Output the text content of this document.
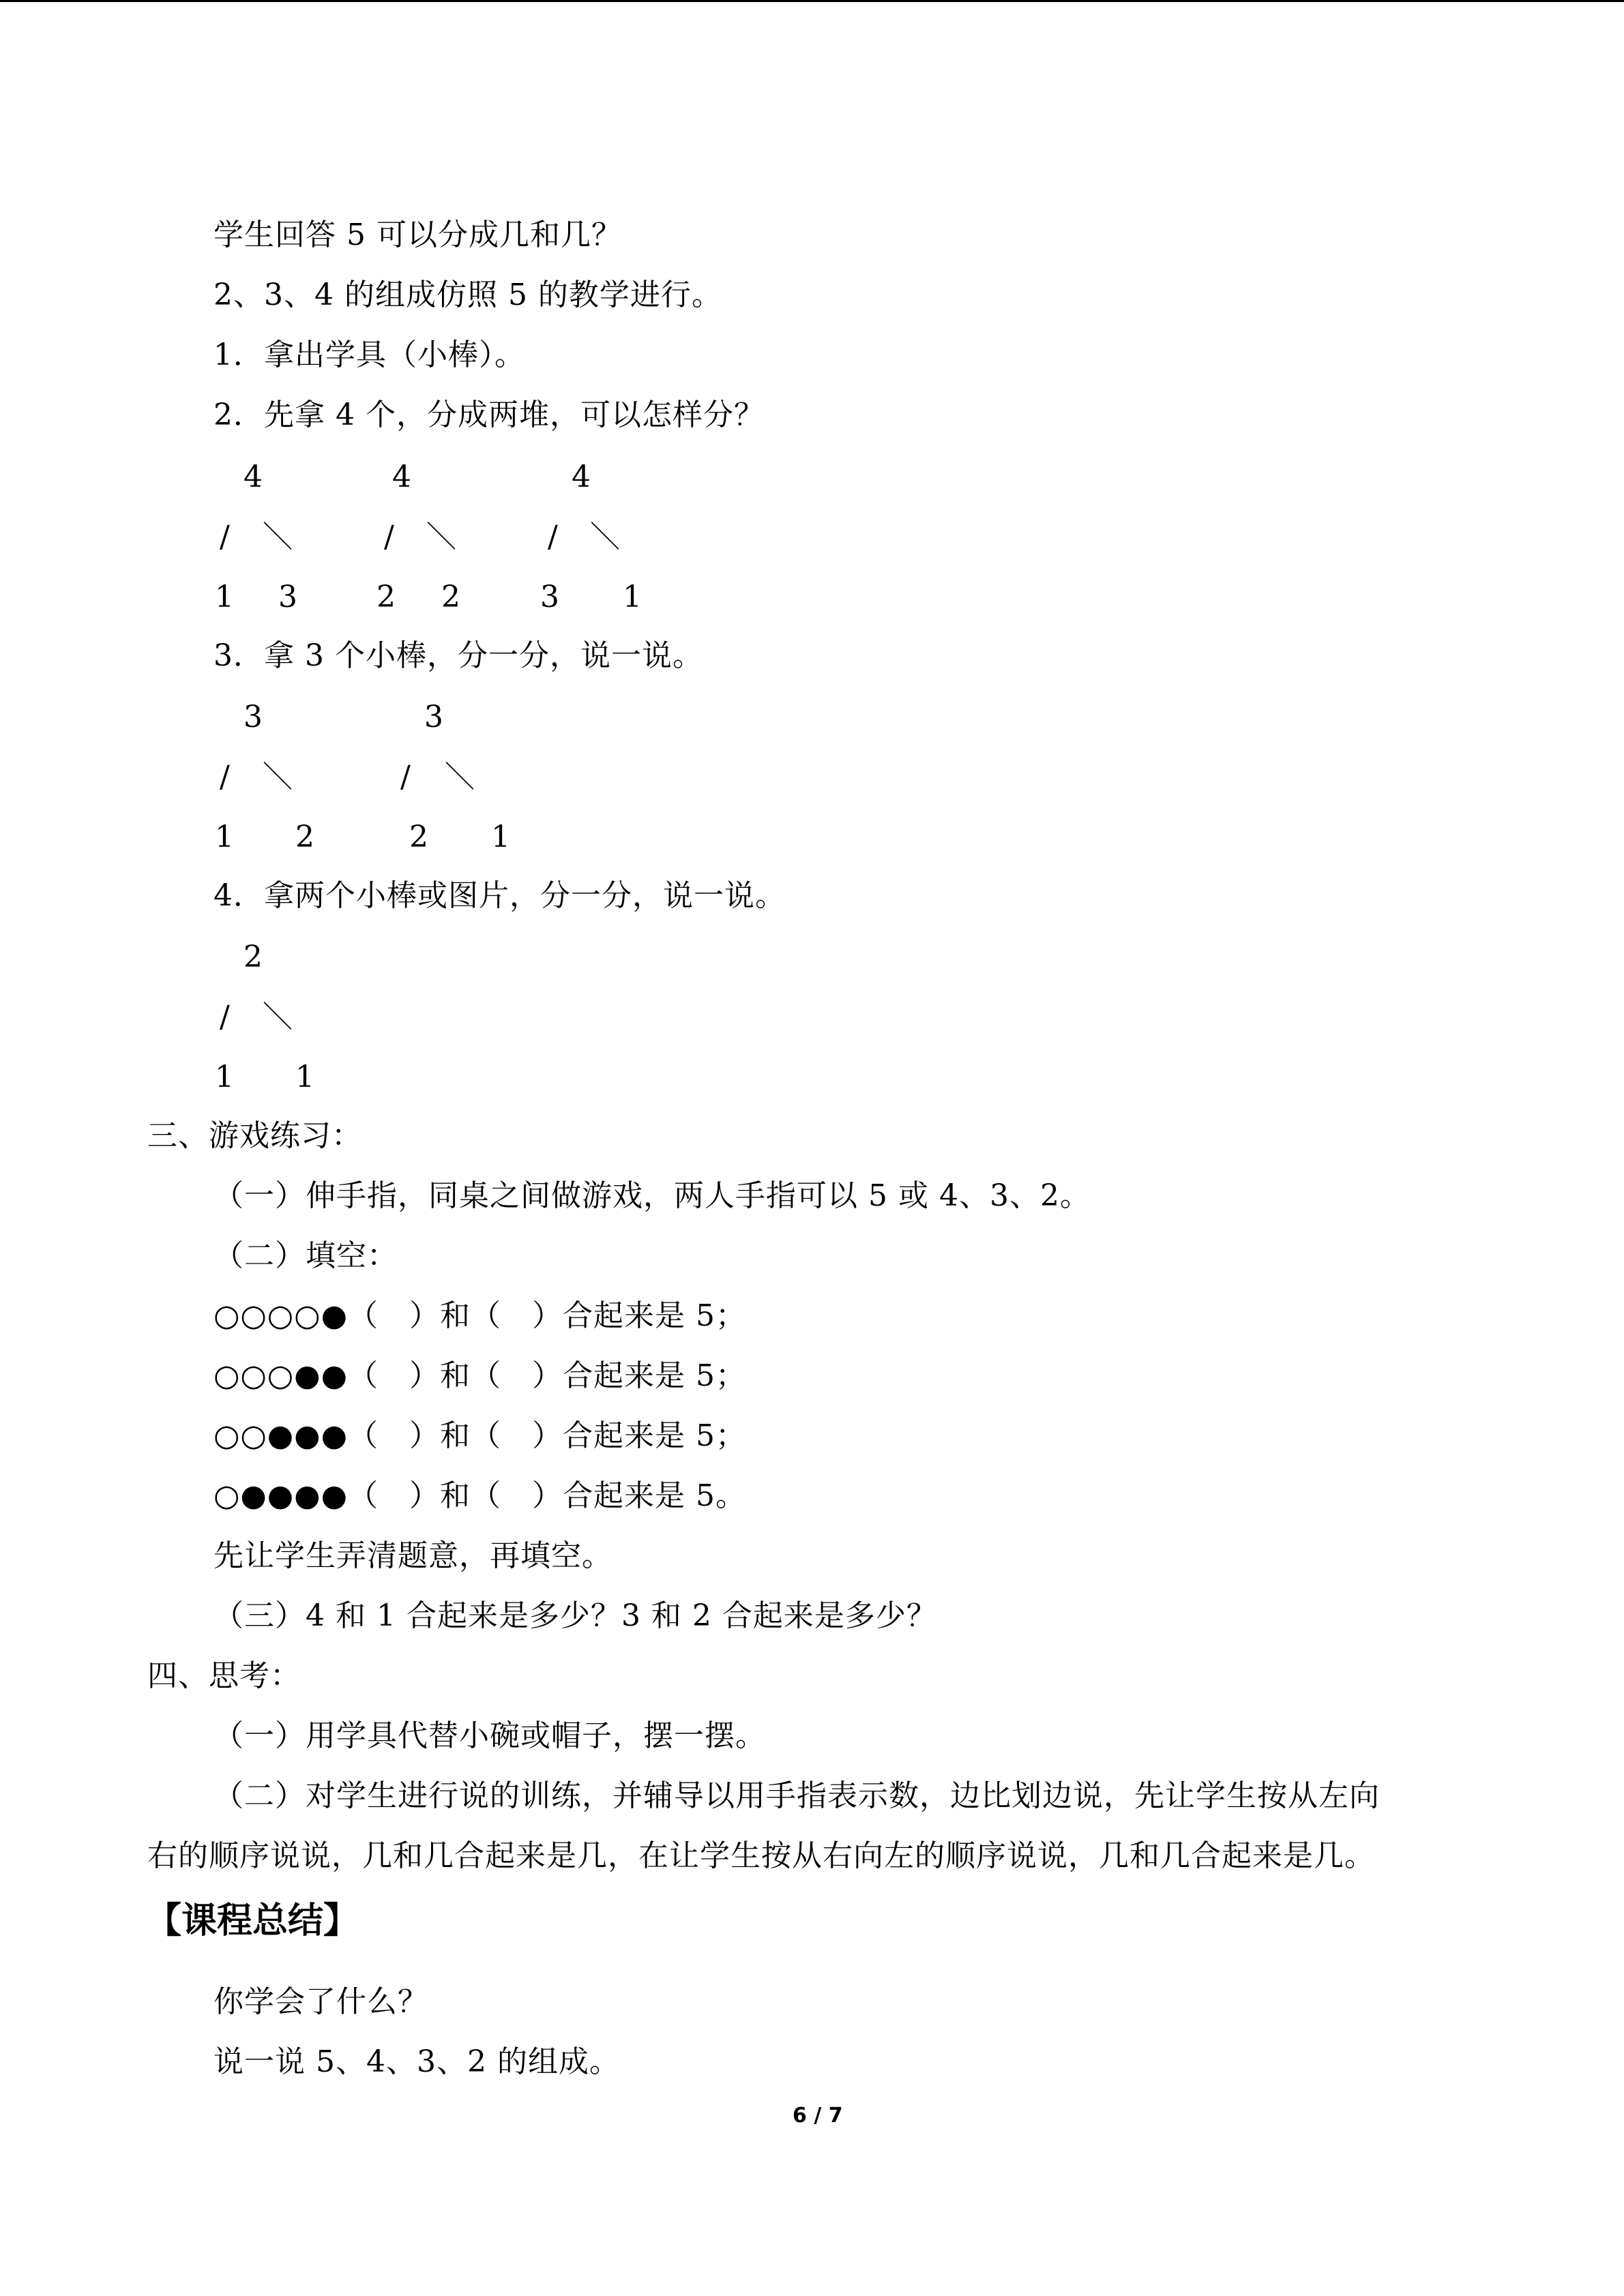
学生回答 5 可以分成几和几？
2、3、4 的组成仿照 5 的教学进行。
1．拿出学具（小棒）。
2．先拿 4 个，分成两堆，可以怎样分？
4	4	4
/ ＼	/ ＼	/ ＼
1 3	2 2	3 1
3．拿 3 个小棒，分一分，说一说。
3	3
/ ＼	/ ＼
1 2	2 1
4．拿两个小棒或图片，分一分，说一说。
2
/ ＼
1 1
三、游戏练习：
（一）伸手指，同桌之间做游戏，两人手指可以 5 或 4、3、2。
（二）填空：
○○○○●（　）和（　）合起来是 5；
○○○●●（　）和（　）合起来是 5；
○○●●●（　）和（　）合起来是 5；
○●●●●（　）和（　）合起来是 5。
先让学生弄清题意，再填空。
（三）4 和 1 合起来是多少？3 和 2 合起来是多少？
四、思考：
（一）用学具代替小碗或帽子，摆一摆。
（二）对学生进行说的训练，并辅导以用手指表示数，边比划边说，先让学生按从左向
右的顺序说说，几和几合起来是几，在让学生按从右向左的顺序说说，几和几合起来是几。
【课程总结】
你学会了什么？
说一说 5、4、3、2 的组成。
6 / 7
